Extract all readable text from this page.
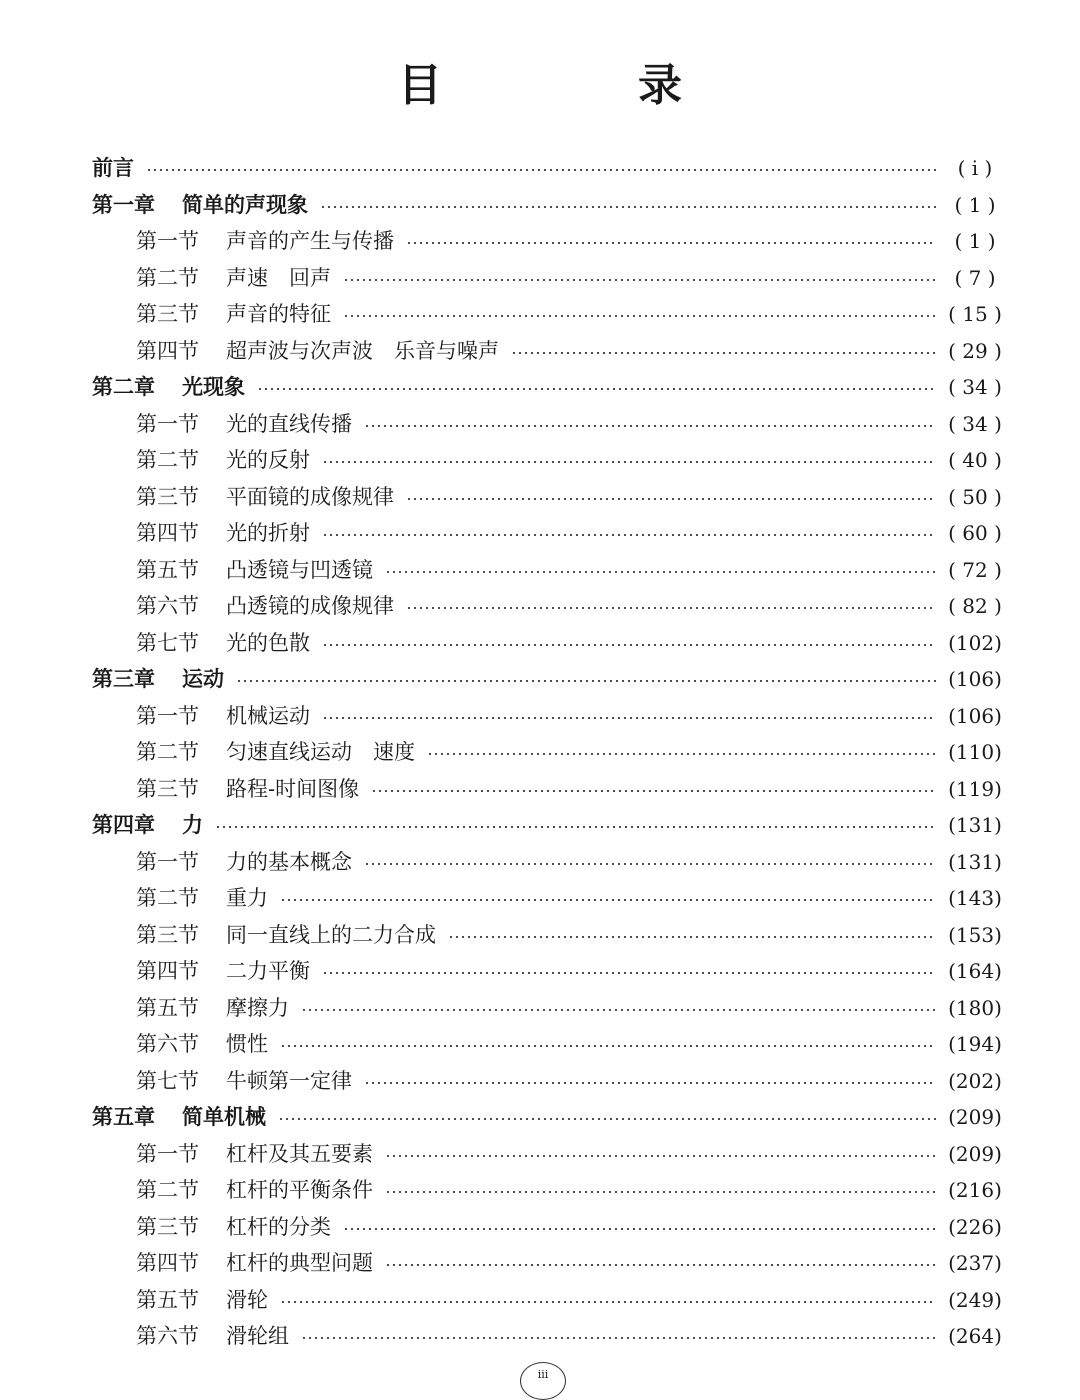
目　录
前言	( ⅰ )
第一章	简单的声现象	( 1 )
第一节	声音的产生与传播	( 1 )
第二节	声速　回声	( 7 )
第三节	声音的特征	( 15 )
第四节	超声波与次声波　乐音与噪声	( 29 )
第二章	光现象	( 34 )
第一节	光的直线传播	( 34 )
第二节	光的反射	( 40 )
第三节	平面镜的成像规律	( 50 )
第四节	光的折射	( 60 )
第五节	凸透镜与凹透镜	( 72 )
第六节	凸透镜的成像规律	( 82 )
第七节	光的色散	(102)
第三章	运动	(106)
第一节	机械运动	(106)
第二节	匀速直线运动　速度	(110)
第三节	路程-时间图像	(119)
第四章	力	(131)
第一节	力的基本概念	(131)
第二节	重力	(143)
第三节	同一直线上的二力合成	(153)
第四节	二力平衡	(164)
第五节	摩擦力	(180)
第六节	惯性	(194)
第七节	牛顿第一定律	(202)
第五章	简单机械	(209)
第一节	杠杆及其五要素	(209)
第二节	杠杆的平衡条件	(216)
第三节	杠杆的分类	(226)
第四节	杠杆的典型问题	(237)
第五节	滑轮	(249)
第六节	滑轮组	(264)
iii
